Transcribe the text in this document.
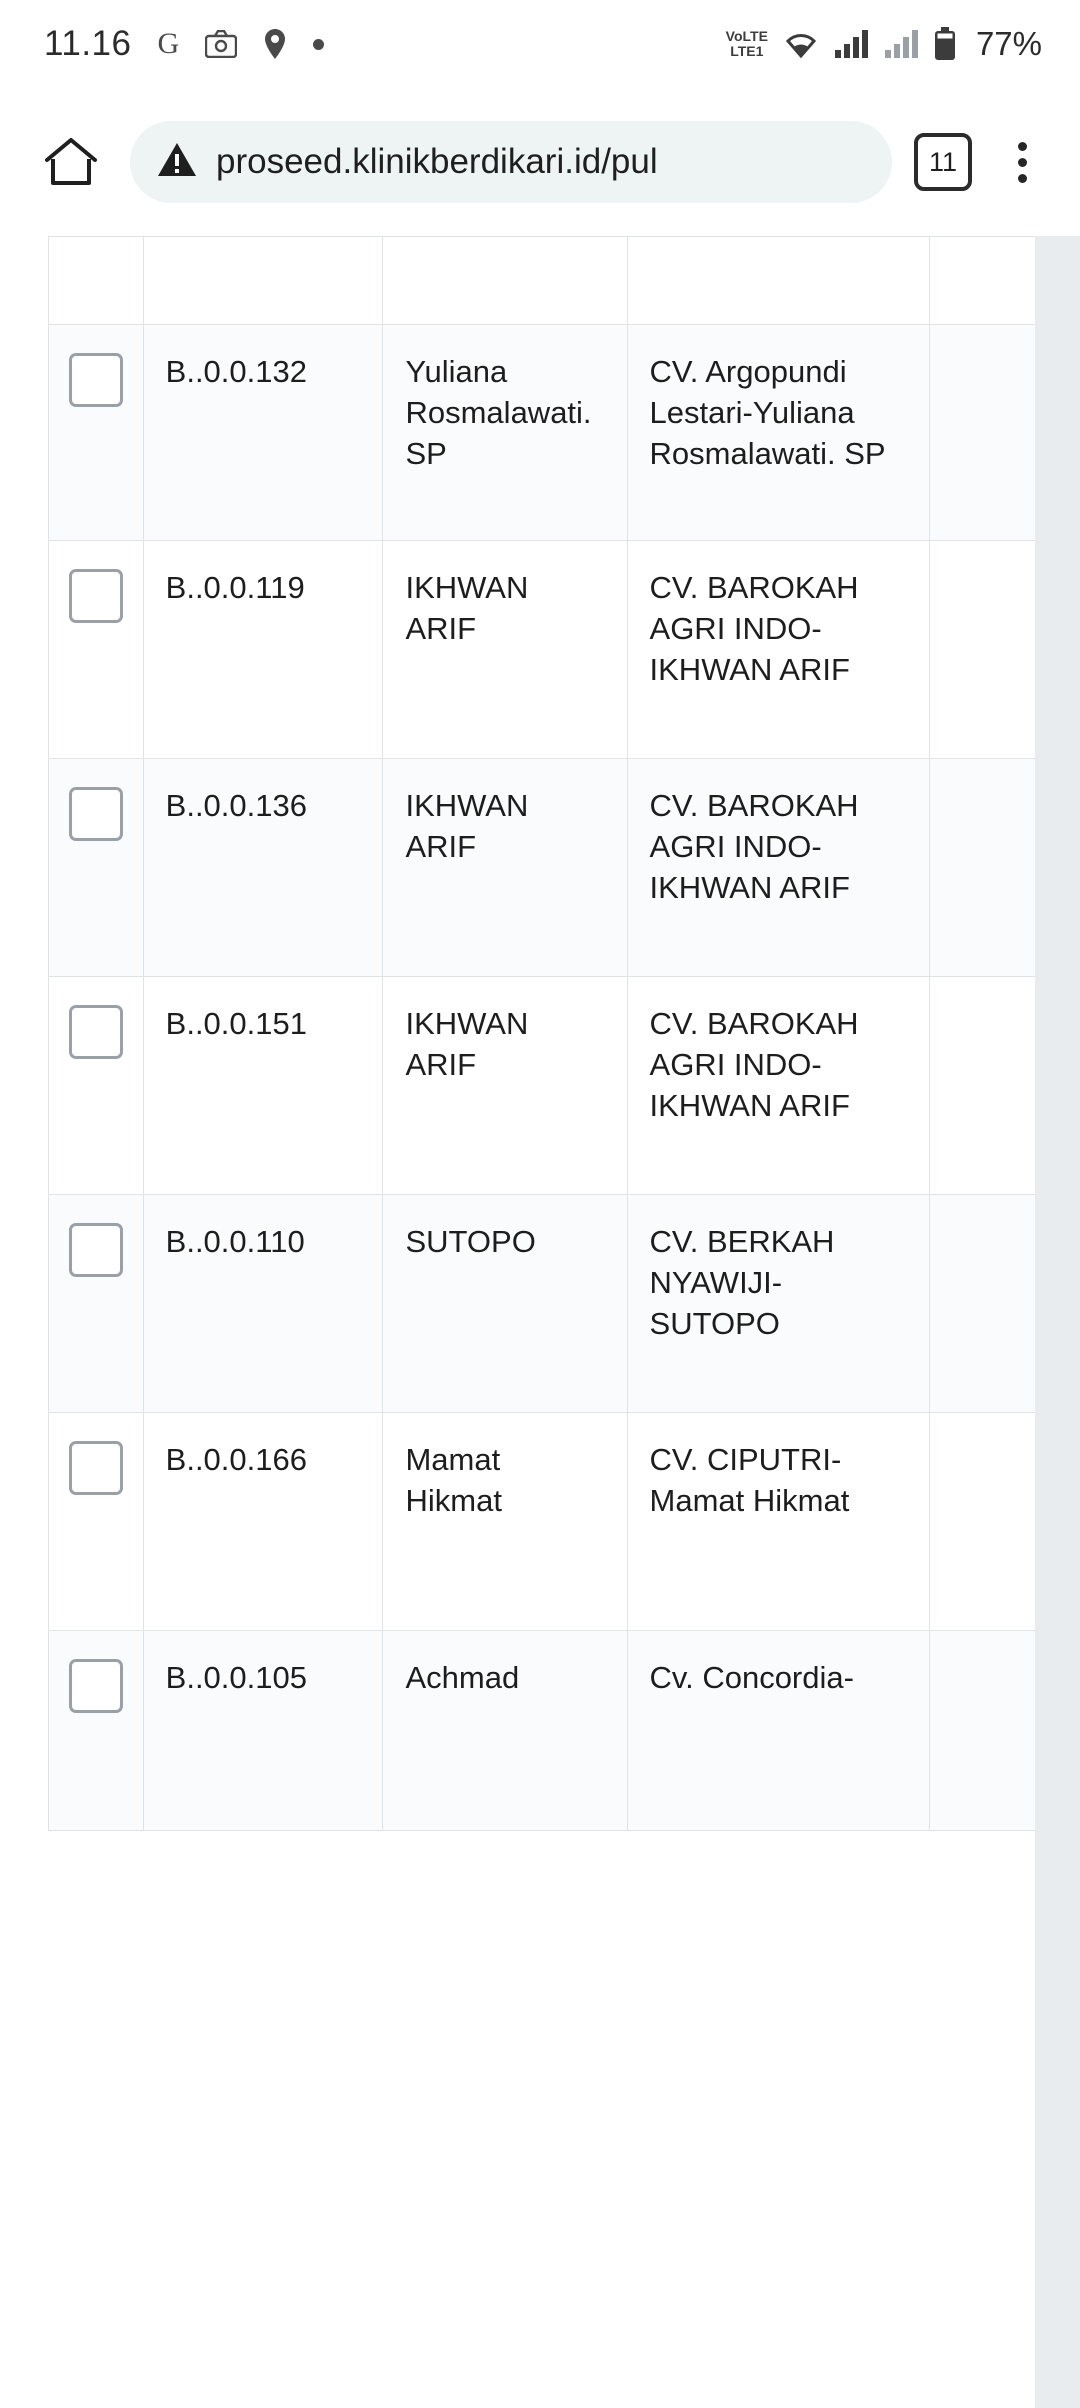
11.16 G	VoLTE
LTE1	77%
proseed.klinikberdikari.id/pul	11

	B..0.0.132	Yuliana Rosmalawati. SP	CV. Argopundi Lestari-Yuliana Rosmalawati. SP	
	B..0.0.119	IKHWAN ARIF	CV. BAROKAH AGRI INDO-IKHWAN ARIF	
	B..0.0.136	IKHWAN ARIF	CV. BAROKAH AGRI INDO-IKHWAN ARIF	
	B..0.0.151	IKHWAN ARIF	CV. BAROKAH AGRI INDO-IKHWAN ARIF	
	B..0.0.110	SUTOPO	CV. BERKAH NYAWIJI-SUTOPO	
	B..0.0.166	Mamat Hikmat	CV. CIPUTRI-Mamat Hikmat	
	B..0.0.105	Achmad	Cv. Concordia-	
